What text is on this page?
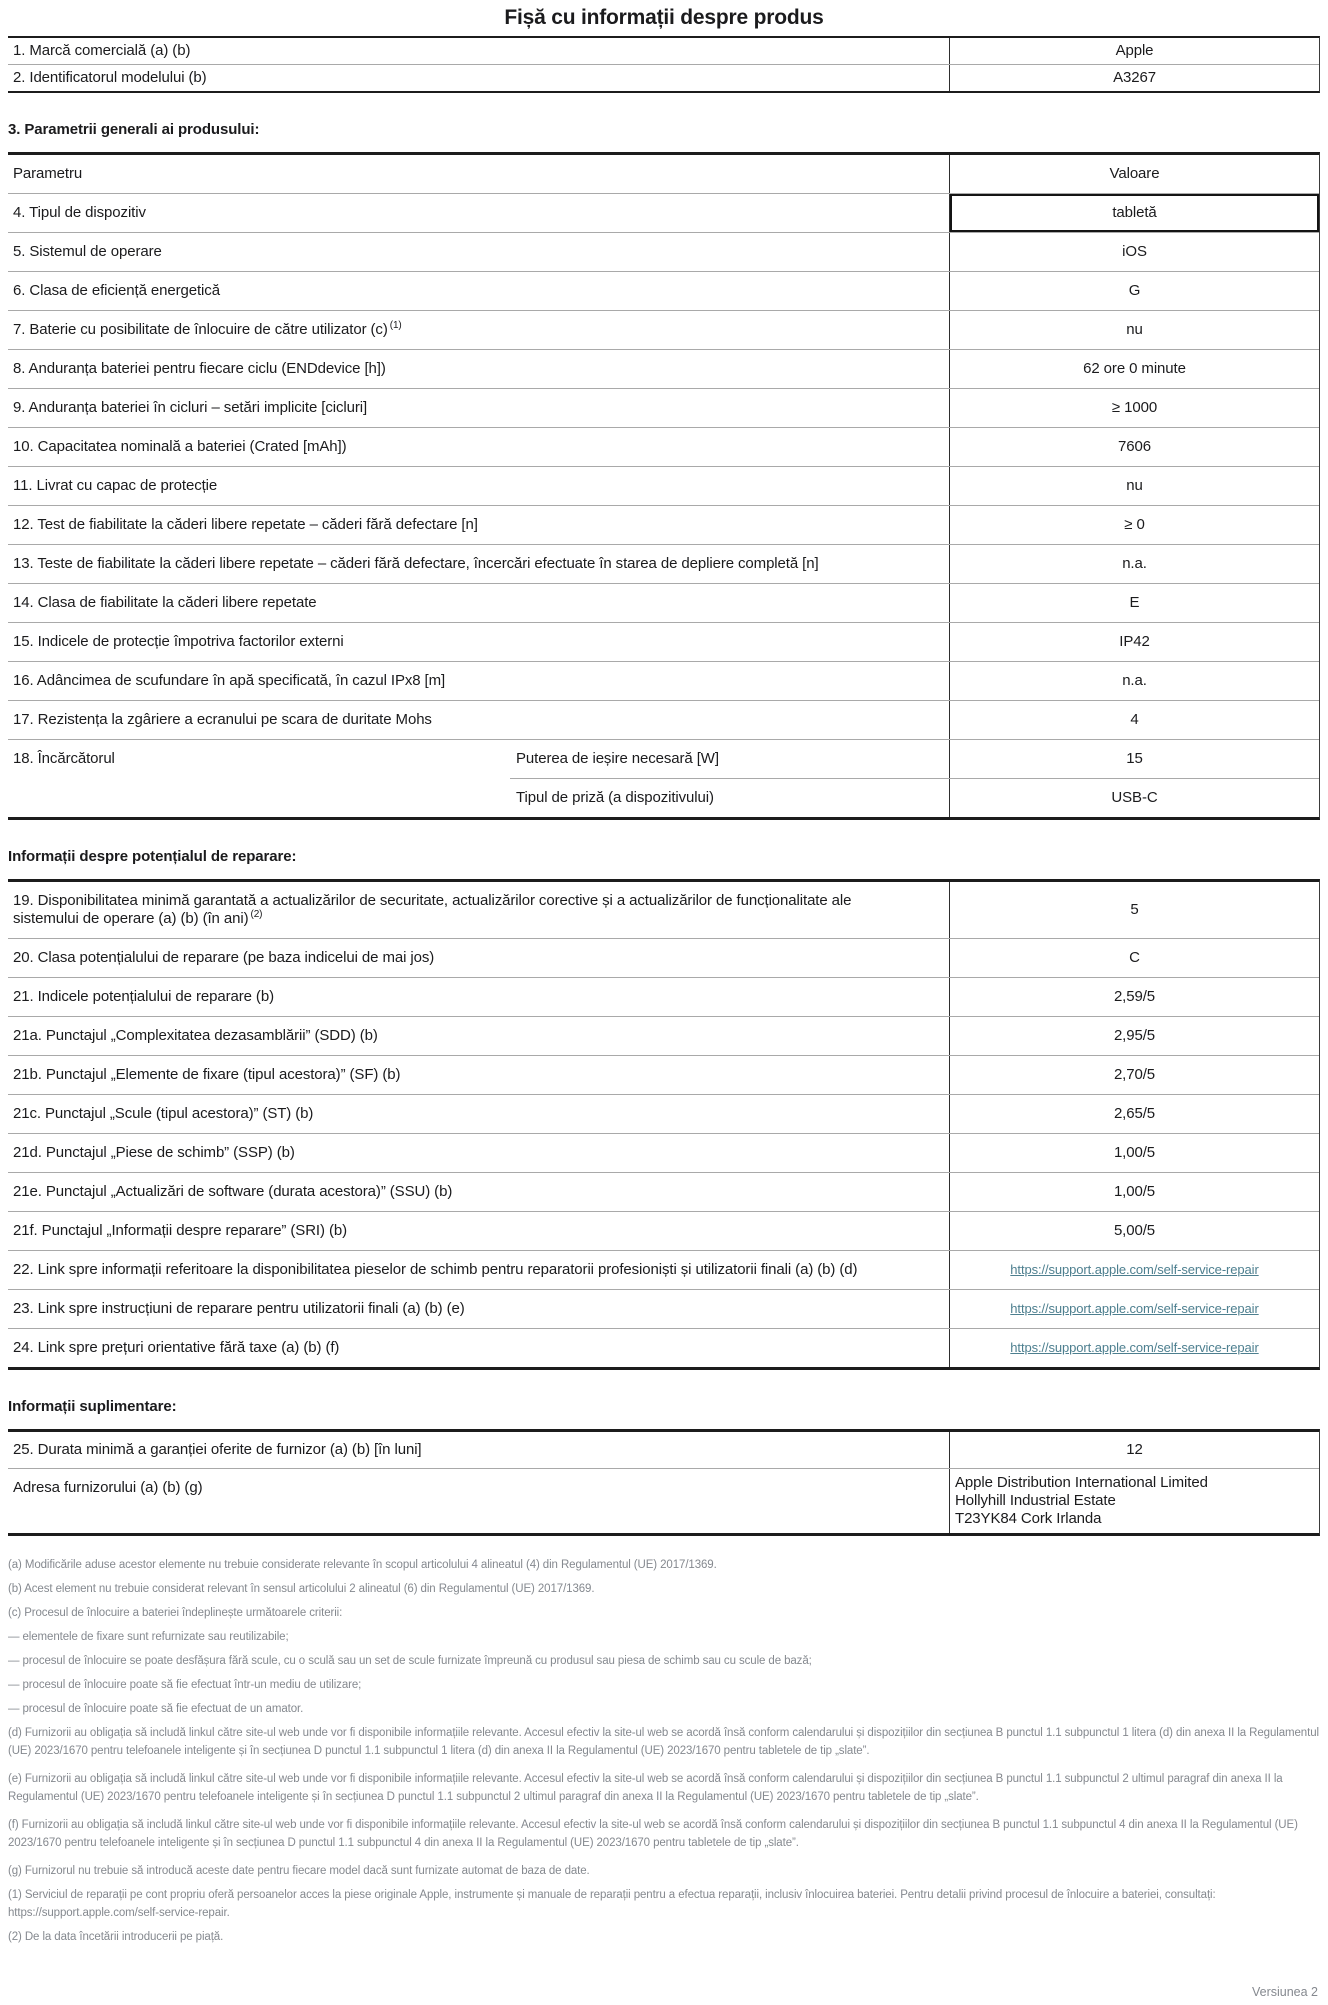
Fișă cu informații despre produs
1. Marcă comercială (a) (b)	Apple
2. Identificatorul modelului (b)	A3267
3. Parametrii generali ai produsului:
Parametru	Valoare
4. Tipul de dispozitiv	tabletă
5. Sistemul de operare	iOS
6. Clasa de eficiență energetică	G
7. Baterie cu posibilitate de înlocuire de către utilizator (c) $^{(1)}$	nu
8. Anduranța bateriei pentru fiecare ciclu (ENDdevice [h])	62 ore 0 minute
9. Anduranța bateriei în cicluri – setări implicite [cicluri]	≥ 1000
10. Capacitatea nominală a bateriei (Crated [mAh])	7606
11. Livrat cu capac de protecție	nu
12. Test de fiabilitate la căderi libere repetate – căderi fără defectare [n]	≥ 0
13. Teste de fiabilitate la căderi libere repetate – căderi fără defectare, încercări efectuate în starea de depliere completă [n]	n.a.
14. Clasa de fiabilitate la căderi libere repetate	E
15. Indicele de protecție împotriva factorilor externi	IP42
16. Adâncimea de scufundare în apă specificată, în cazul IPx8 [m]	n.a.
17. Rezistența la zgâriere a ecranului pe scara de duritate Mohs	4
18. Încărcătorul	Puterea de ieșire necesară [W]	15
Tipul de priză (a dispozitivului)	USB-C
Informații despre potențialul de reparare:
19. Disponibilitatea minimă garantată a actualizărilor de securitate, actualizărilor corective și a actualizărilor de funcționalitate ale sistemului de operare (a) (b) (în ani) $^{(2)}$	5
20. Clasa potențialului de reparare (pe baza indicelui de mai jos)	C
21. Indicele potențialului de reparare (b)	2,59/5
21a. Punctajul „Complexitatea dezasamblării” (SDD) (b)	2,95/5
21b. Punctajul „Elemente de fixare (tipul acestora)” (SF) (b)	2,70/5
21c. Punctajul „Scule (tipul acestora)” (ST) (b)	2,65/5
21d. Punctajul „Piese de schimb” (SSP) (b)	1,00/5
21e. Punctajul „Actualizări de software (durata acestora)” (SSU) (b)	1,00/5
21f. Punctajul „Informații despre reparare” (SRI) (b)	5,00/5
22. Link spre informații referitoare la disponibilitatea pieselor de schimb pentru reparatorii profesioniști și utilizatorii finali (a) (b) (d)	https://support.apple.com/self-service-repair
23. Link spre instrucțiuni de reparare pentru utilizatorii finali (a) (b) (e)	https://support.apple.com/self-service-repair
24. Link spre prețuri orientative fără taxe (a) (b) (f)	https://support.apple.com/self-service-repair
Informații suplimentare:
25. Durata minimă a garanției oferite de furnizor (a) (b) [în luni]	12
Adresa furnizorului (a) (b) (g)	Apple Distribution International Limited
Hollyhill Industrial Estate
T23YK84 Cork Irlanda
(a) Modificările aduse acestor elemente nu trebuie considerate relevante în scopul articolului 4 alineatul (4) din Regulamentul (UE) 2017/1369.
(b) Acest element nu trebuie considerat relevant în sensul articolului 2 alineatul (6) din Regulamentul (UE) 2017/1369.
(c) Procesul de înlocuire a bateriei îndeplinește următoarele criterii:
— elementele de fixare sunt refurnizate sau reutilizabile;
— procesul de înlocuire se poate desfășura fără scule, cu o sculă sau un set de scule furnizate împreună cu produsul sau piesa de schimb sau cu scule de bază;
— procesul de înlocuire poate să fie efectuat într-un mediu de utilizare;
— procesul de înlocuire poate să fie efectuat de un amator.
(d) Furnizorii au obligația să includă linkul către site-ul web unde vor fi disponibile informațiile relevante. Accesul efectiv la site-ul web se acordă însă conform calendarului și dispozițiilor din secțiunea B punctul 1.1 subpunctul 1 litera (d) din anexa II la Regulamentul (UE) 2023/1670 pentru telefoanele inteligente și în secțiunea D punctul 1.1 subpunctul 1 litera (d) din anexa II la Regulamentul (UE) 2023/1670 pentru tabletele de tip „slate”.
(e) Furnizorii au obligația să includă linkul către site-ul web unde vor fi disponibile informațiile relevante. Accesul efectiv la site-ul web se acordă însă conform calendarului și dispozițiilor din secțiunea B punctul 1.1 subpunctul 2 ultimul paragraf din anexa II la Regulamentul (UE) 2023/1670 pentru telefoanele inteligente și în secțiunea D punctul 1.1 subpunctul 2 ultimul paragraf din anexa II la Regulamentul (UE) 2023/1670 pentru tabletele de tip „slate”.
(f) Furnizorii au obligația să includă linkul către site-ul web unde vor fi disponibile informațiile relevante. Accesul efectiv la site-ul web se acordă însă conform calendarului și dispozițiilor din secțiunea B punctul 1.1 subpunctul 4 din anexa II la Regulamentul (UE) 2023/1670 pentru telefoanele inteligente și în secțiunea D punctul 1.1 subpunctul 4 din anexa II la Regulamentul (UE) 2023/1670 pentru tabletele de tip „slate”.
(g) Furnizorul nu trebuie să introducă aceste date pentru fiecare model dacă sunt furnizate automat de baza de date.
(1) Serviciul de reparații pe cont propriu oferă persoanelor acces la piese originale Apple, instrumente și manuale de reparații pentru a efectua reparații, inclusiv înlocuirea bateriei. Pentru detalii privind procesul de înlocuire a bateriei, consultați: https://support.apple.com/self-service-repair.
(2) De la data încetării introducerii pe piață.
Versiunea 2
